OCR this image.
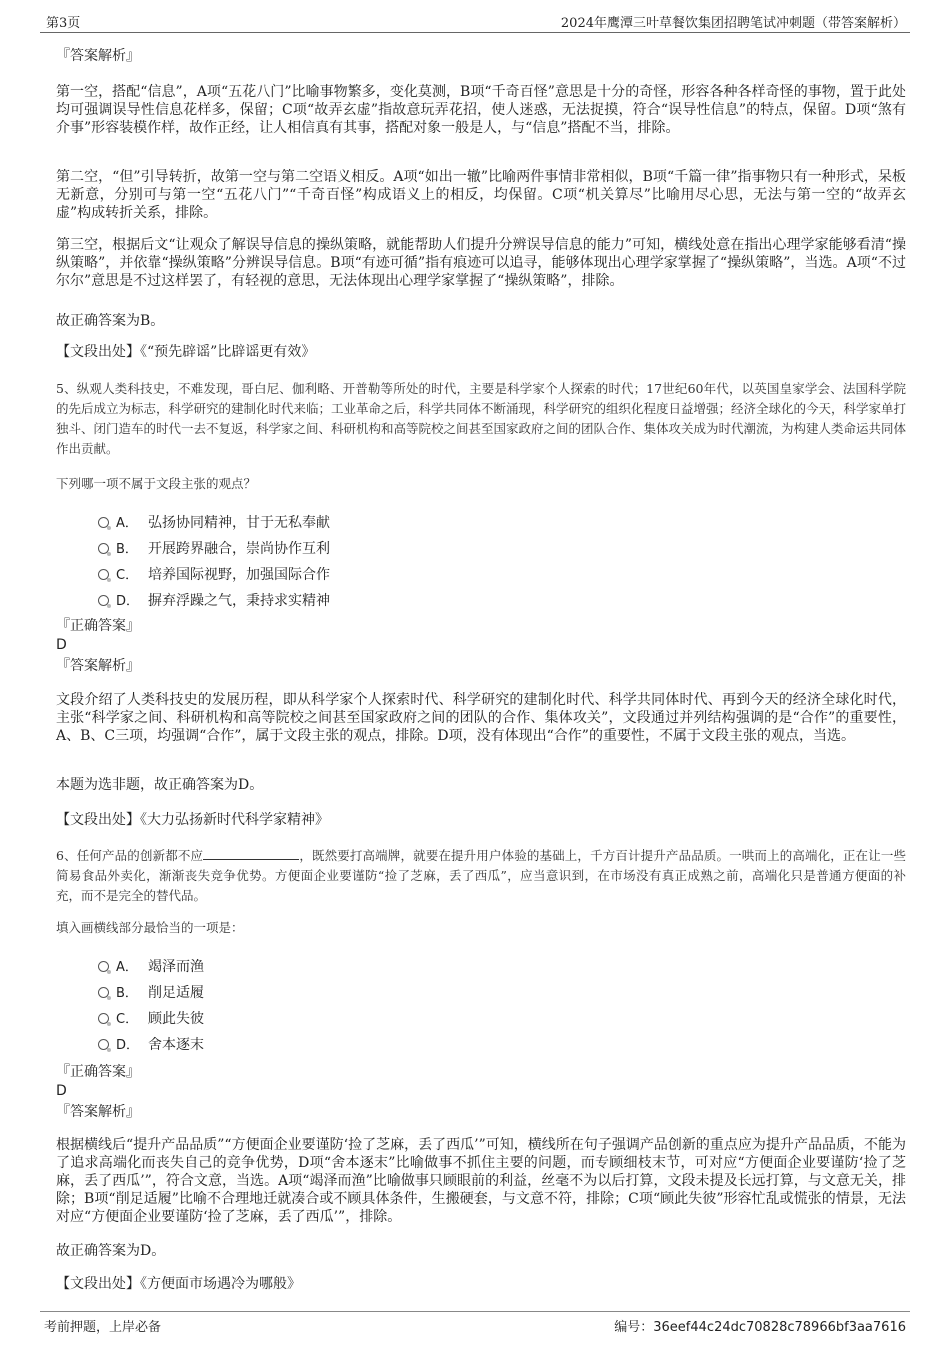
第3页	2024年鹰潭三叶草餐饮集团招聘笔试冲刺题（带答案解析）
『答案解析』
第一空，搭配“信息”，A项“五花八门”比喻事物繁多，变化莫测，B项“千奇百怪”意思是十分的奇怪，形容各种各样奇怪的事物，置于此处均可强调误导性信息花样多，保留；C项“故弄玄虚”指故意玩弄花招，使人迷惑，无法捉摸，符合“误导性信息”的特点，保留。D项“煞有介事”形容装模作样，故作正经，让人相信真有其事，搭配对象一般是人，与“信息”搭配不当，排除。
第二空，“但”引导转折，故第一空与第二空语义相反。A项“如出一辙”比喻两件事情非常相似，B项“千篇一律”指事物只有一种形式，呆板无新意，分别可与第一空“五花八门”“千奇百怪”构成语义上的相反，均保留。C项“机关算尽”比喻用尽心思，无法与第一空的“故弄玄虚”构成转折关系，排除。
第三空，根据后文“让观众了解误导信息的操纵策略，就能帮助人们提升分辨误导信息的能力”可知，横线处意在指出心理学家能够看清“操纵策略”，并依靠“操纵策略”分辨误导信息。B项“有迹可循”指有痕迹可以追寻，能够体现出心理学家掌握了“操纵策略”，当选。A项“不过尔尔”意思是不过这样罢了，有轻视的意思，无法体现出心理学家掌握了“操纵策略”，排除。
故正确答案为B。
【文段出处】《“预先辟谣”比辟谣更有效》
5、纵观人类科技史，不难发现，哥白尼、伽利略、开普勒等所处的时代，主要是科学家个人探索的时代；17世纪60年代，以英国皇家学会、法国科学院的先后成立为标志，科学研究的建制化时代来临；工业革命之后，科学共同体不断涌现，科学研究的组织化程度日益增强；经济全球化的今天，科学家单打独斗、闭门造车的时代一去不复返，科学家之间、科研机构和高等院校之间甚至国家政府之间的团队合作、集体攻关成为时代潮流，为构建人类命运共同体作出贡献。
下列哪一项不属于文段主张的观点？
A． 弘扬协同精神，甘于无私奉献
B． 开展跨界融合，崇尚协作互利
C． 培养国际视野，加强国际合作
D． 摒弃浮躁之气，秉持求实精神
『正确答案』
D
『答案解析』
文段介绍了人类科技史的发展历程，即从科学家个人探索时代、科学研究的建制化时代、科学共同体时代、再到今天的经济全球化时代，主张“科学家之间、科研机构和高等院校之间甚至国家政府之间的团队的合作、集体攻关”，文段通过并列结构强调的是“合作”的重要性，A、B、C三项，均强调“合作”，属于文段主张的观点，排除。D项，没有体现出“合作”的重要性，不属于文段主张的观点，当选。
本题为选非题，故正确答案为D。
【文段出处】《大力弘扬新时代科学家精神》
6、任何产品的创新都不应	，既然要打高端牌，就要在提升用户体验的基础上，千方百计提升产品品质。一哄而上的高端化，正在让一些简易食品外卖化，渐渐丧失竞争优势。方便面企业要谨防“捡了芝麻，丢了西瓜”，应当意识到，在市场没有真正成熟之前，高端化只是普通方便面的补充，而不是完全的替代品。
填入画横线部分最恰当的一项是：
A． 竭泽而渔
B． 削足适履
C． 顾此失彼
D． 舍本逐末
『正确答案』
D
『答案解析』
根据横线后“提升产品品质”“方便面企业要谨防‘捡了芝麻，丢了西瓜’”可知，横线所在句子强调产品创新的重点应为提升产品品质，不能为了追求高端化而丧失自己的竞争优势，D项“舍本逐末”比喻做事不抓住主要的问题，而专顾细枝末节，可对应“方便面企业要谨防‘捡了芝麻，丢了西瓜’”，符合文意，当选。A项“竭泽而渔”比喻做事只顾眼前的利益，丝毫不为以后打算，文段未提及长远打算，与文意无关，排除；B项“削足适履”比喻不合理地迁就凑合或不顾具体条件，生搬硬套，与文意不符，排除；C项“顾此失彼”形容忙乱或慌张的情景，无法对应“方便面企业要谨防‘捡了芝麻，丢了西瓜’”，排除。
故正确答案为D。
【文段出处】《方便面市场遇冷为哪般》
考前押题，上岸必备	编号：36eef44c24dc70828c78966bf3aa7616
